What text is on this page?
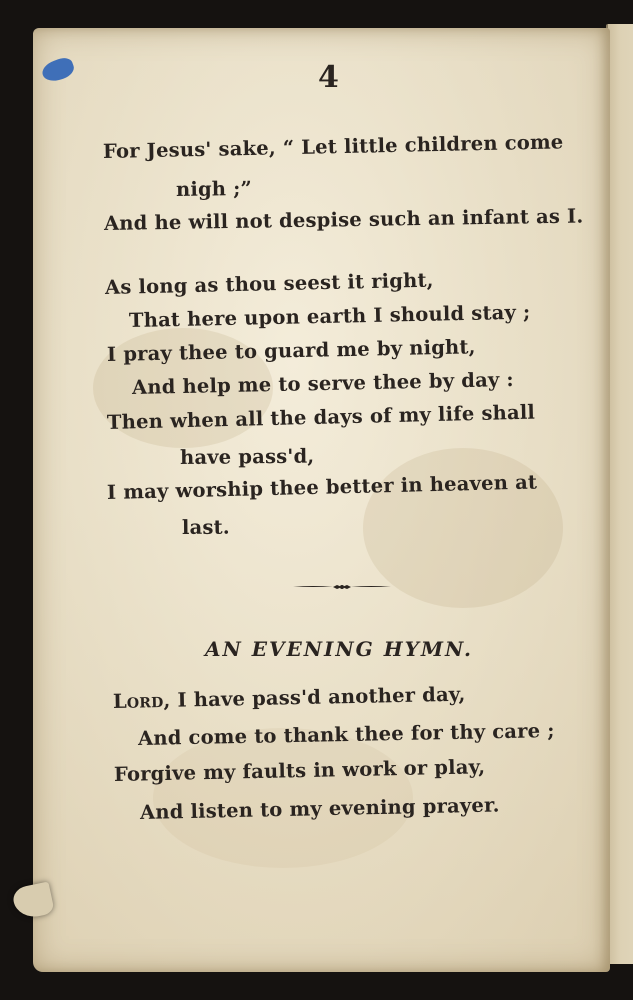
4
For Jesus' sake, “ Let little children come
nigh ;”
And he will not despise such an infant as I.
As long as thou seest it right,
That here upon earth I should stay ;
I pray thee to guard me by night,
And help me to serve thee by day :
Then when all the days of my life shall
have pass'd,
I may worship thee better in heaven at
last.
AN EVENING HYMN.
Lord, I have pass'd another day,
And come to thank thee for thy care ;
Forgive my faults in work or play,
And listen to my evening prayer.
